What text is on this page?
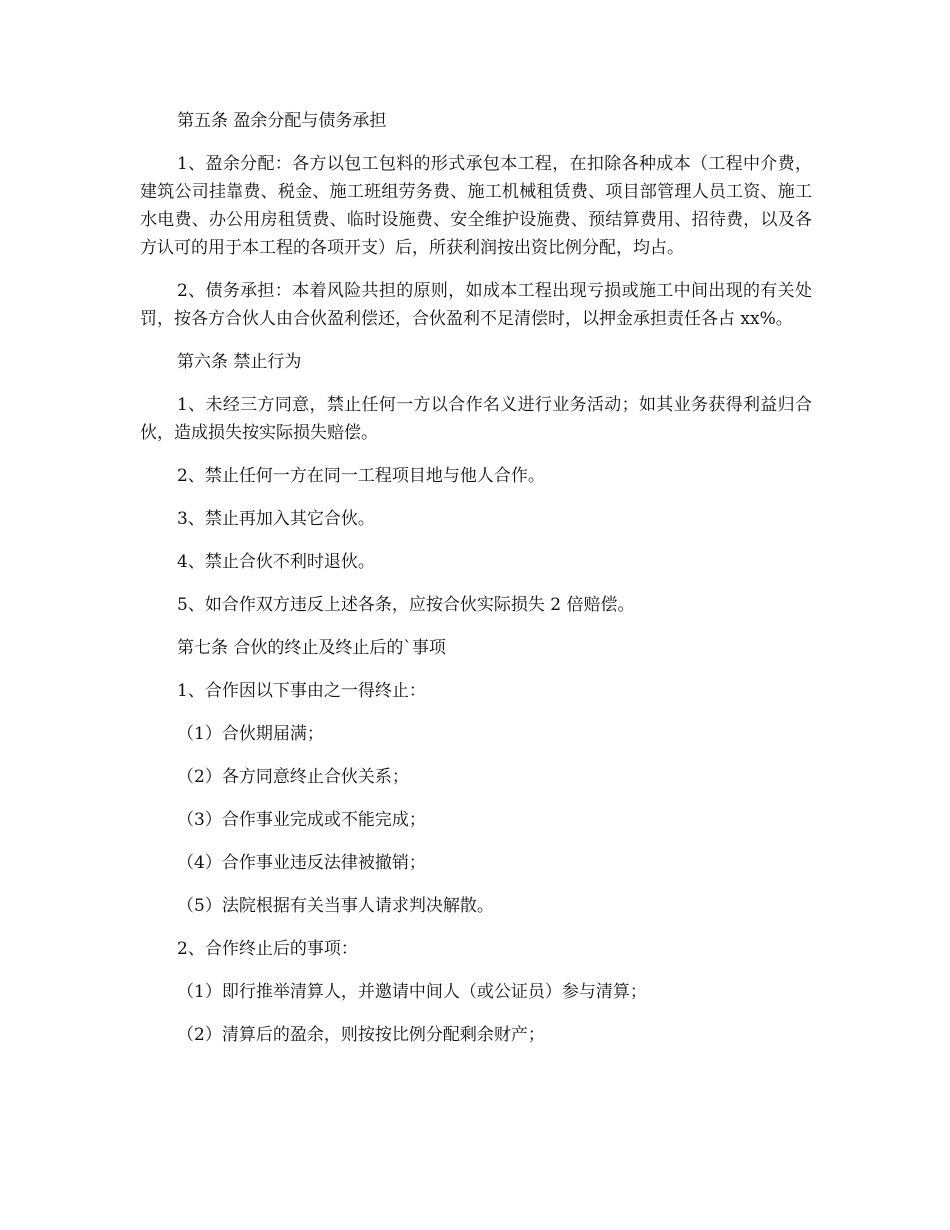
第五条 盈余分配与债务承担

1、盈余分配：各方以包工包料的形式承包本工程，在扣除各种成本（工程中介费，建筑公司挂靠费、税金、施工班组劳务费、施工机械租赁费、项目部管理人员工资、施工水电费、办公用房租赁费、临时设施费、安全维护设施费、预结算费用、招待费，以及各方认可的用于本工程的各项开支）后，所获利润按出资比例分配，均占。

2、债务承担：本着风险共担的原则，如成本工程出现亏损或施工中间出现的有关处罚，按各方合伙人由合伙盈利偿还，合伙盈利不足清偿时，以押金承担责任各占 xx%。

第六条 禁止行为

1、未经三方同意，禁止任何一方以合作名义进行业务活动；如其业务获得利益归合伙，造成损失按实际损失赔偿。

2、禁止任何一方在同一工程项目地与他人合作。

3、禁止再加入其它合伙。

4、禁止合伙不利时退伙。

5、如合作双方违反上述各条，应按合伙实际损失 2 倍赔偿。

第七条 合伙的终止及终止后的`事项

1、合作因以下事由之一得终止：

（1）合伙期届满；

（2）各方同意终止合伙关系；

（3）合作事业完成或不能完成；

（4）合作事业违反法律被撤销；

（5）法院根据有关当事人请求判决解散。

2、合作终止后的事项：

（1）即行推举清算人，并邀请中间人（或公证员）参与清算；

（2）清算后的盈余，则按按比例分配剩余财产；
